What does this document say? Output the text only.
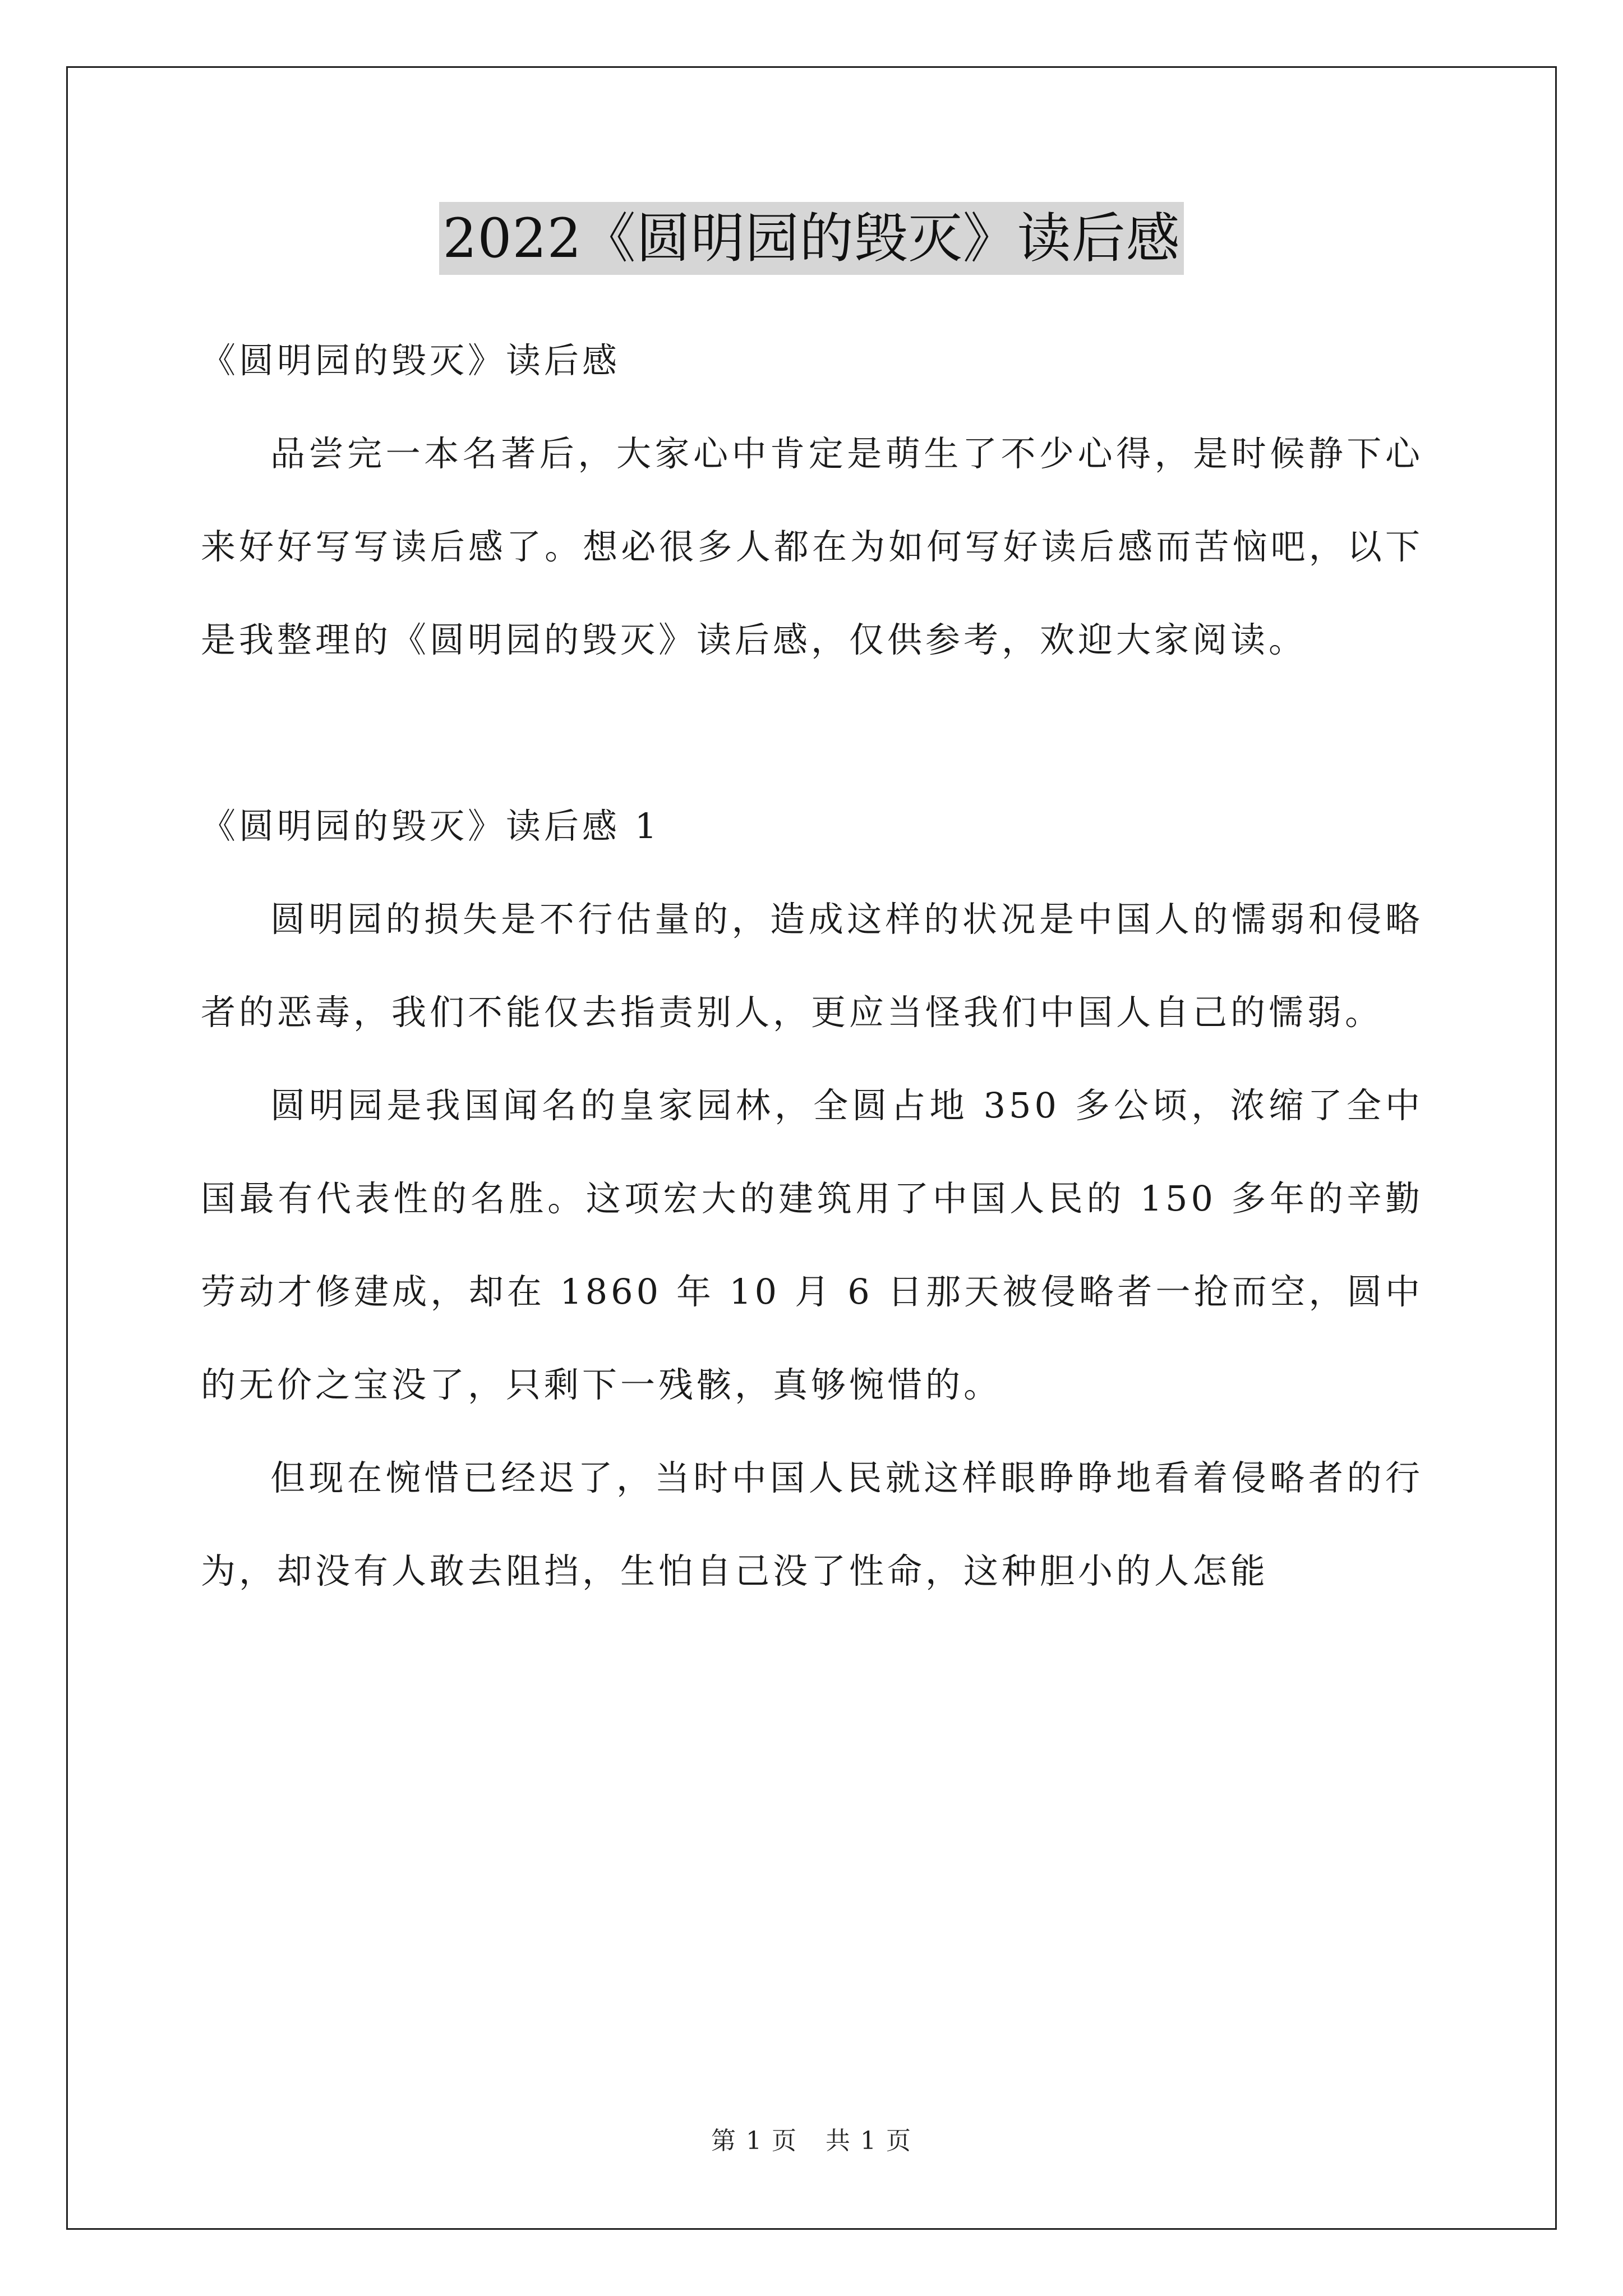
2022《圆明园的毁灭》读后感

《圆明园的毁灭》读后感

品尝完一本名著后，大家心中肯定是萌生了不少心得，是时候静下心来好好写写读后感了。想必很多人都在为如何写好读后感而苦恼吧，以下是我整理的《圆明园的毁灭》读后感，仅供参考，欢迎大家阅读。

《圆明园的毁灭》读后感 1

圆明园的损失是不行估量的，造成这样的状况是中国人的懦弱和侵略者的恶毒，我们不能仅去指责别人，更应当怪我们中国人自己的懦弱。

圆明园是我国闻名的皇家园林，全圆占地 350 多公顷，浓缩了全中国最有代表性的名胜。这项宏大的建筑用了中国人民的 150 多年的辛勤劳动才修建成，却在 1860 年 10 月 6 日那天被侵略者一抢而空，圆中的无价之宝没了，只剩下一残骸，真够惋惜的。

但现在惋惜已经迟了，当时中国人民就这样眼睁睁地看着侵略者的行为，却没有人敢去阻挡，生怕自己没了性命，这种胆小的人怎能

第 1 页 共 1 页
